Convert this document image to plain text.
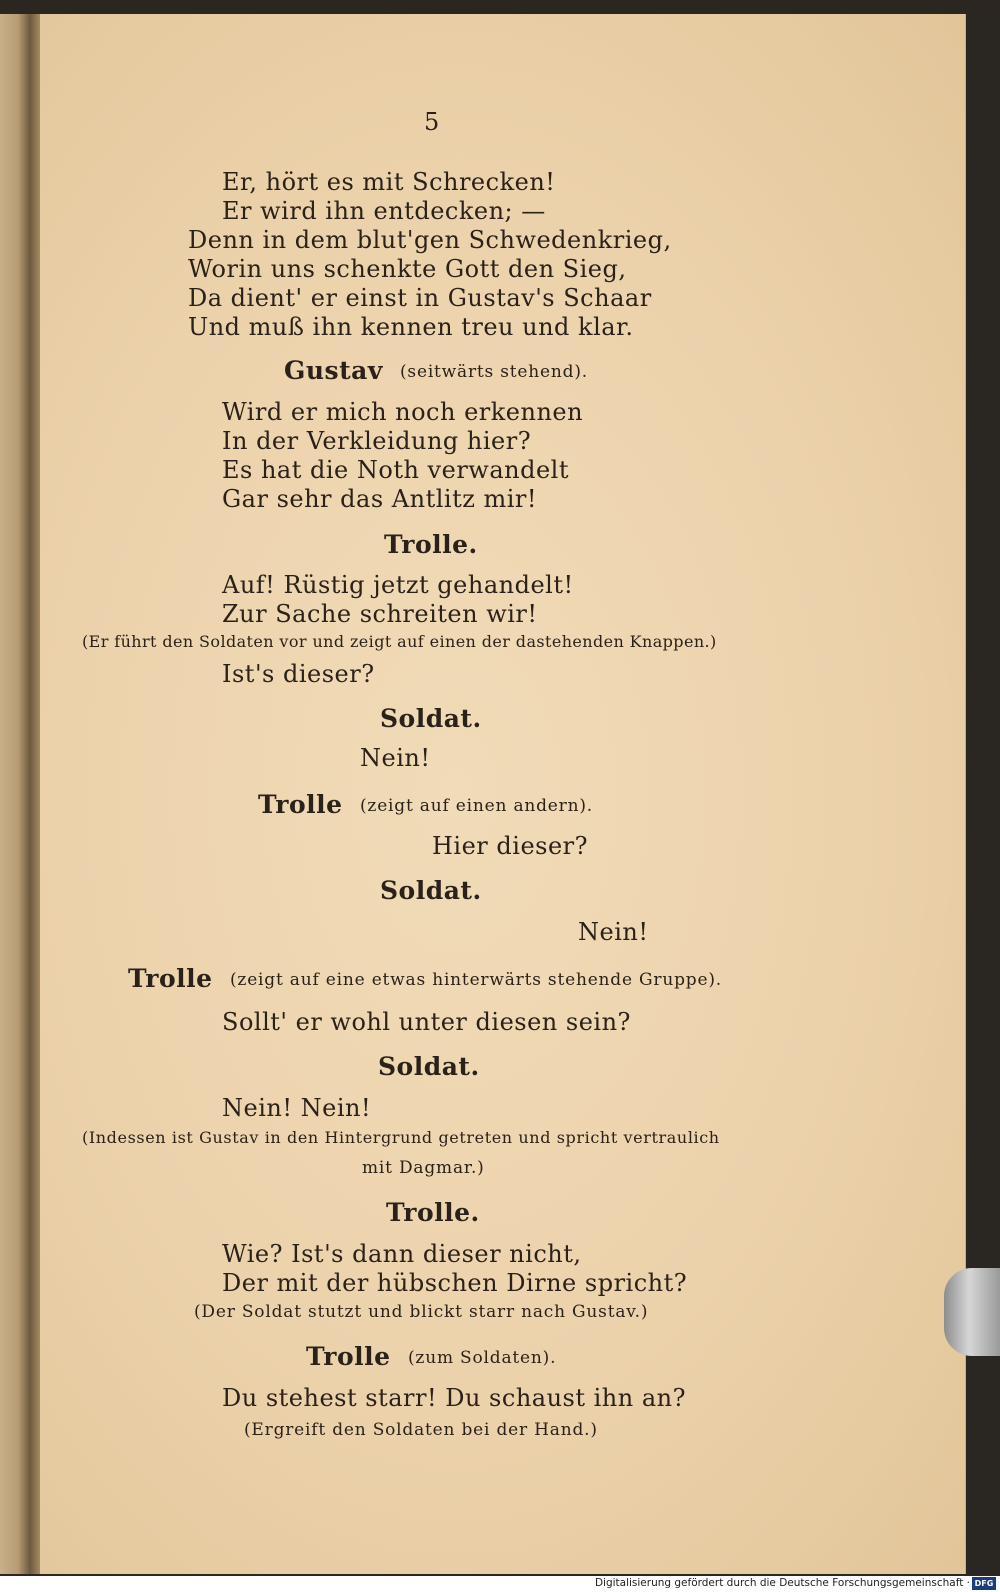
5
Er, hört es mit Schrecken!
Er wird ihn entdecken; —
Denn in dem blut'gen Schwedenkrieg,
Worin uns schenkte Gott den Sieg,
Da dient' er einst in Gustav's Schaar
Und muß ihn kennen treu und klar.
Gustav (seitwärts stehend).
Wird er mich noch erkennen
In der Verkleidung hier?
Es hat die Noth verwandelt
Gar sehr das Antlitz mir!
Trolle.
Auf! Rüstig jetzt gehandelt!
Zur Sache schreiten wir!
(Er führt den Soldaten vor und zeigt auf einen der dastehenden Knappen.)
Ist's dieser?
Soldat.
Nein!
Trolle (zeigt auf einen andern).
Hier dieser?
Soldat.
Nein!
Trolle (zeigt auf eine etwas hinterwärts stehende Gruppe).
Sollt' er wohl unter diesen sein?
Soldat.
Nein! Nein!
(Indessen ist Gustav in den Hintergrund getreten und spricht vertraulich
mit Dagmar.)
Trolle.
Wie? Ist's dann dieser nicht,
Der mit der hübschen Dirne spricht?
(Der Soldat stutzt und blickt starr nach Gustav.)
Trolle (zum Soldaten).
Du stehest starr! Du schaust ihn an?
(Ergreift den Soldaten bei der Hand.)
Digitalisierung gefördert durch die Deutsche Forschungsgemeinschaft · DFG
